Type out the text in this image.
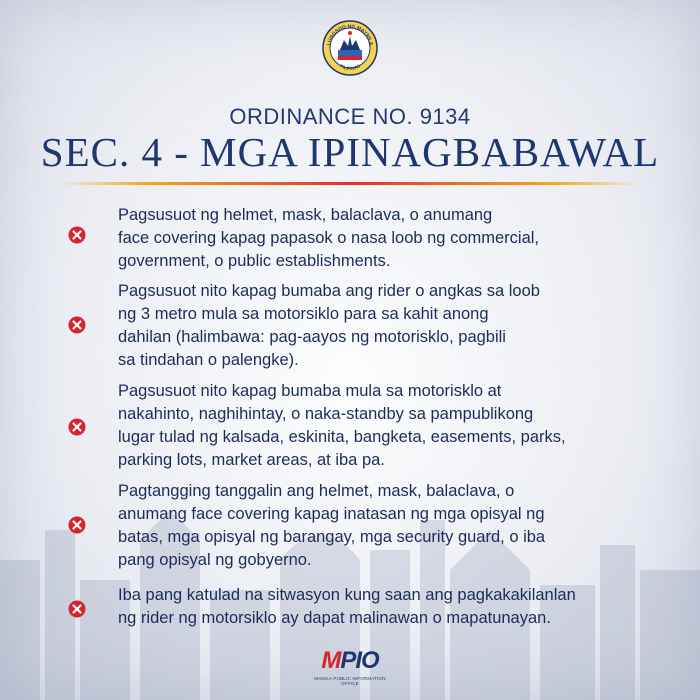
LUNGSOD NG MAYNILA
PILIPINAS
ORDINANCE NO. 9134
SEC. 4 - MGA IPINAGBABAWAL
Pagsusuot ng helmet, mask, balaclava, o anumang
face covering kapag papasok o nasa loob ng commercial,
government, o public establishments.
Pagsusuot nito kapag bumaba ang rider o angkas sa loob
ng 3 metro mula sa motorsiklo para sa kahit anong
dahilan (halimbawa: pag-aayos ng motorisklo, pagbili
sa tindahan o palengke).
Pagsusuot nito kapag bumaba mula sa motorisklo at
nakahinto, naghihintay, o naka-standby sa pampublikong
lugar tulad ng kalsada, eskinita, bangketa, easements, parks,
parking lots, market areas, at iba pa.
Pagtangging tanggalin ang helmet, mask, balaclava, o
anumang face covering kapag inatasan ng mga opisyal ng
batas, mga opisyal ng barangay, mga security guard, o iba
pang opisyal ng gobyerno.
Iba pang katulad na sitwasyon kung saan ang pagkakakilanlan
ng rider ng motorsiklo ay dapat malinawan o mapatunayan.
MPIO
MANILA PUBLIC INFORMATION OFFICE
